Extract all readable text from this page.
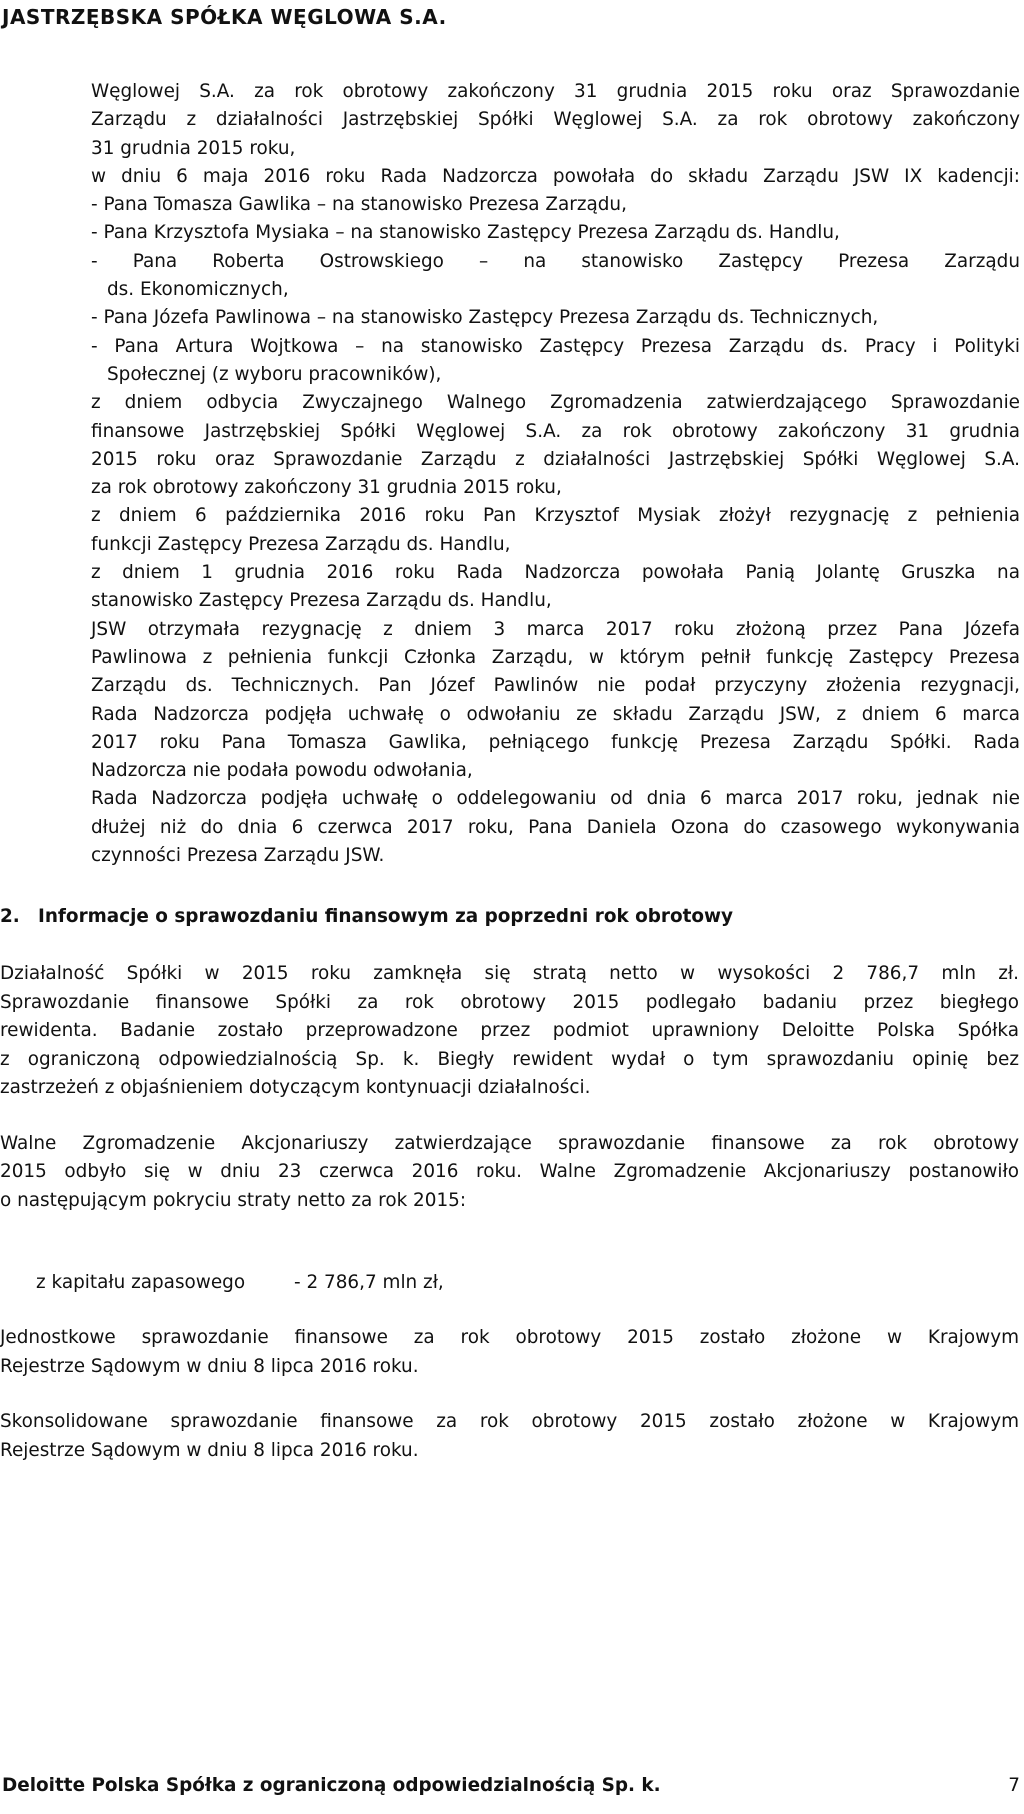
JASTRZĘBSKA SPÓŁKA WĘGLOWA S.A.
Węglowej S.A. za rok obrotowy zakończony 31 grudnia 2015 roku oraz Sprawozdanie
Zarządu z działalności Jastrzębskiej Spółki Węglowej S.A. za rok obrotowy zakończony
31 grudnia 2015 roku,
w dniu 6 maja 2016 roku Rada Nadzorcza powołała do składu Zarządu JSW IX kadencji:
- Pana Tomasza Gawlika – na stanowisko Prezesa Zarządu,
- Pana Krzysztofa Mysiaka – na stanowisko Zastępcy Prezesa Zarządu ds. Handlu,
- Pana Roberta Ostrowskiego – na stanowisko Zastępcy Prezesa Zarządu
ds. Ekonomicznych,
- Pana Józefa Pawlinowa – na stanowisko Zastępcy Prezesa Zarządu ds. Technicznych,
- Pana Artura Wojtkowa – na stanowisko Zastępcy Prezesa Zarządu ds. Pracy i Polityki
Społecznej (z wyboru pracowników),
z dniem odbycia Zwyczajnego Walnego Zgromadzenia zatwierdzającego Sprawozdanie
finansowe Jastrzębskiej Spółki Węglowej S.A. za rok obrotowy zakończony 31 grudnia
2015 roku oraz Sprawozdanie Zarządu z działalności Jastrzębskiej Spółki Węglowej S.A.
za rok obrotowy zakończony 31 grudnia 2015 roku,
z dniem 6 października 2016 roku Pan Krzysztof Mysiak złożył rezygnację z pełnienia
funkcji Zastępcy Prezesa Zarządu ds. Handlu,
z dniem 1 grudnia 2016 roku Rada Nadzorcza powołała Panią Jolantę Gruszka na
stanowisko Zastępcy Prezesa Zarządu ds. Handlu,
JSW otrzymała rezygnację z dniem 3 marca 2017 roku złożoną przez Pana Józefa
Pawlinowa z pełnienia funkcji Członka Zarządu, w którym pełnił funkcję Zastępcy Prezesa
Zarządu ds. Technicznych. Pan Józef Pawlinów nie podał przyczyny złożenia rezygnacji,
Rada Nadzorcza podjęła uchwałę o odwołaniu ze składu Zarządu JSW, z dniem 6 marca
2017 roku Pana Tomasza Gawlika, pełniącego funkcję Prezesa Zarządu Spółki. Rada
Nadzorcza nie podała powodu odwołania,
Rada Nadzorcza podjęła uchwałę o oddelegowaniu od dnia 6 marca 2017 roku, jednak nie
dłużej niż do dnia 6 czerwca 2017 roku, Pana Daniela Ozona do czasowego wykonywania
czynności Prezesa Zarządu JSW.
2. Informacje o sprawozdaniu finansowym za poprzedni rok obrotowy
Działalność Spółki w 2015 roku zamknęła się stratą netto w wysokości 2 786,7 mln zł.
Sprawozdanie finansowe Spółki za rok obrotowy 2015 podlegało badaniu przez biegłego
rewidenta. Badanie zostało przeprowadzone przez podmiot uprawniony Deloitte Polska Spółka
z ograniczoną odpowiedzialnością Sp. k. Biegły rewident wydał o tym sprawozdaniu opinię bez
zastrzeżeń z objaśnieniem dotyczącym kontynuacji działalności.
Walne Zgromadzenie Akcjonariuszy zatwierdzające sprawozdanie finansowe za rok obrotowy
2015 odbyło się w dniu 23 czerwca 2016 roku. Walne Zgromadzenie Akcjonariuszy postanowiło
o następującym pokryciu straty netto za rok 2015:
z kapitału zapasowego	- 2 786,7 mln zł,
Jednostkowe sprawozdanie finansowe za rok obrotowy 2015 zostało złożone w Krajowym
Rejestrze Sądowym w dniu 8 lipca 2016 roku.
Skonsolidowane sprawozdanie finansowe za rok obrotowy 2015 zostało złożone w Krajowym
Rejestrze Sądowym w dniu 8 lipca 2016 roku.
Deloitte Polska Spółka z ograniczoną odpowiedzialnością Sp. k.	7
